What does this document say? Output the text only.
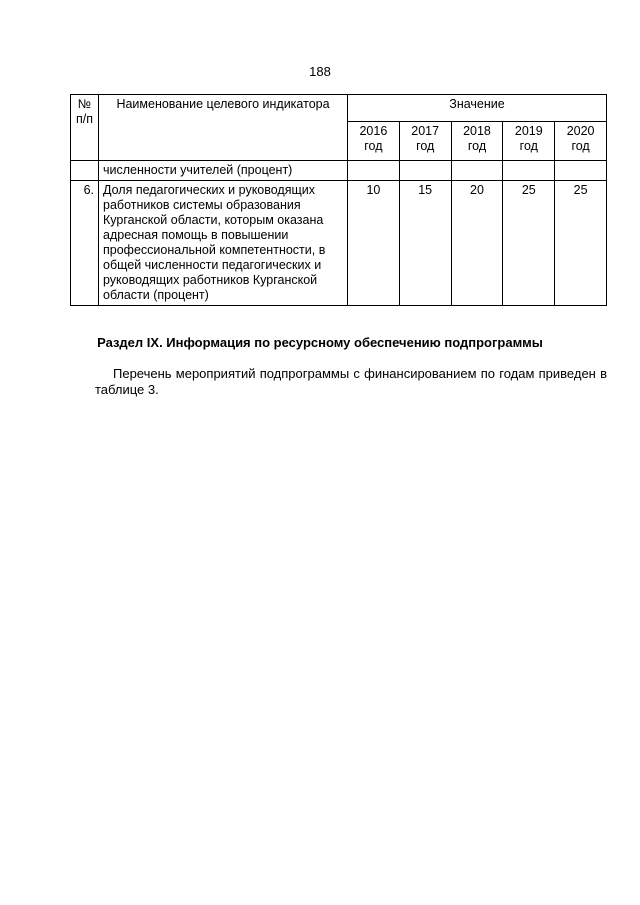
188
№ п/п	Наименование целевого индикатора	Значение				
		2016 год	2017 год	2018 год	2019 год	2020 год
	численности учителей (процент)					
6.	Доля педагогических и руководящих работников системы образования Курганской области, которым оказана адресная помощь в повышении профессиональной компетентности, в общей численности педагогических и руководящих работников Курганской области (процент)	10	15	20	25	25
Раздел IX. Информация по ресурсному обеспечению подпрограммы
Перечень мероприятий подпрограммы с финансированием по годам приведен в таблице 3.
